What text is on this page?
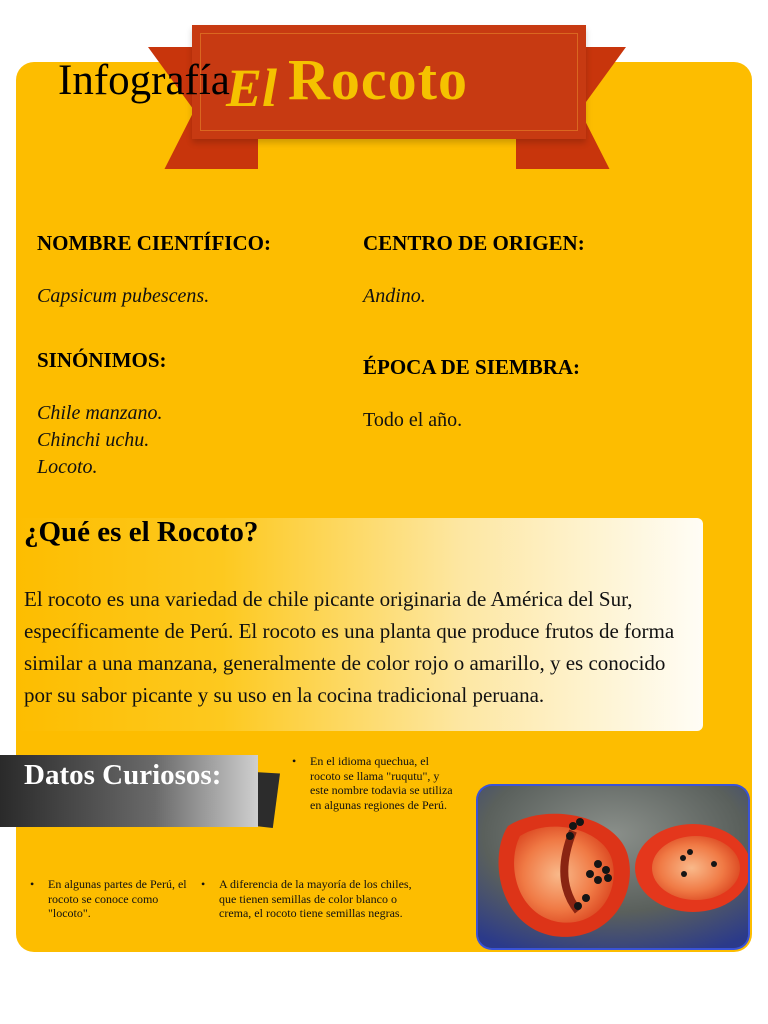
Infografía
El Rocoto
NOMBRE CIENTÍFICO:
Capsicum pubescens.
CENTRO DE ORIGEN:
Andino.
SINÓNIMOS:
Chile manzano.
Chinchi uchu.
Locoto.
ÉPOCA DE SIEMBRA:
Todo el año.
¿Qué es el Rocoto?
El rocoto es una variedad de chile picante originaria de América del Sur, específicamente de Perú. El rocoto es una planta que produce frutos de forma similar a una manzana, generalmente de color rojo o amarillo, y es conocido por su sabor picante y su uso en la cocina tradicional peruana.
Datos Curiosos:	• En el idioma quechua, el rocoto se llama "ruqutu", y este nombre todavia se utiliza en algunas regiones de Perú.
• En algunas partes de Perú, el rocoto se conoce como "locoto".
• A diferencia de la mayoría de los chiles, que tienen semillas de color blanco o crema, el rocoto tiene semillas negras.
